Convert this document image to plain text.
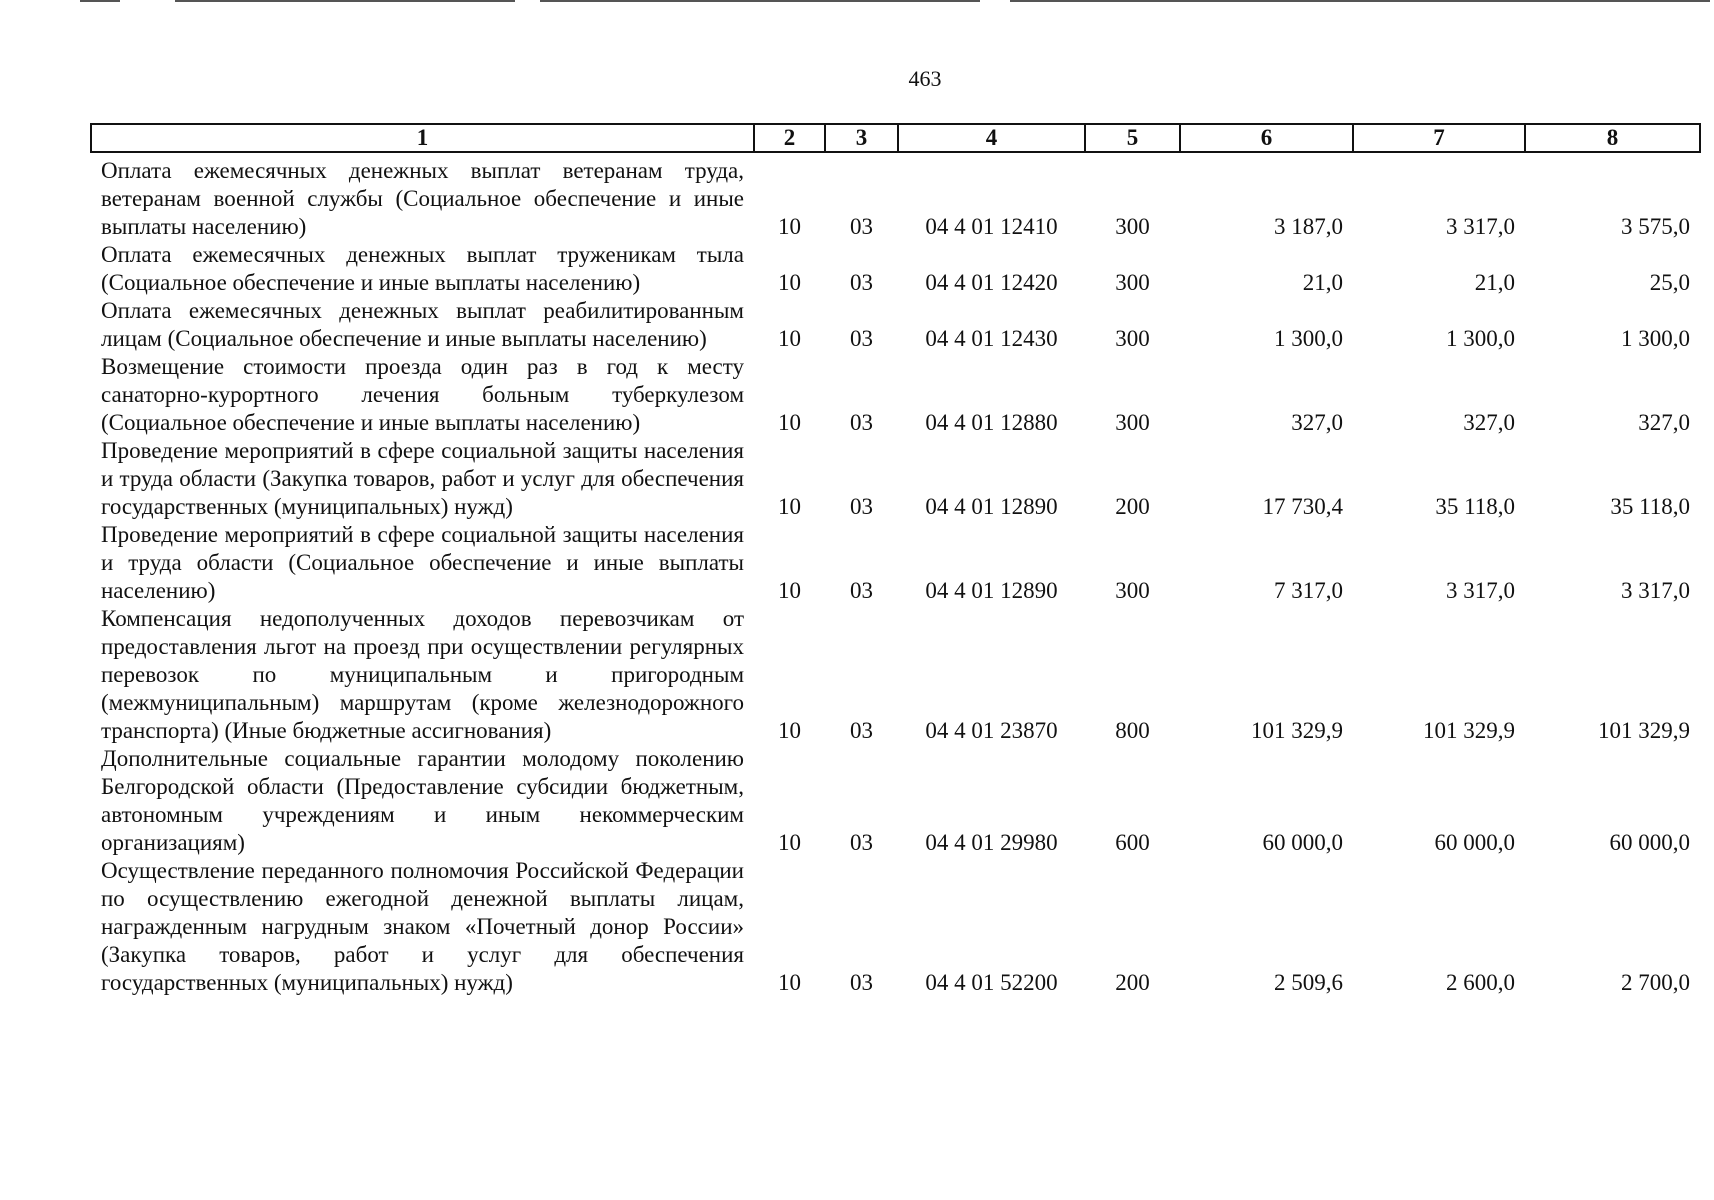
463
1	2	3	4	5	6	7	8
Оплата ежемесячных денежных выплат ветеранам труда, ветеранам военной службы (Социальное обеспечение и иные выплаты населению)	10	03	04 4 01 12410	300	3 187,0	3 317,0	3 575,0
Оплата ежемесячных денежных выплат труженикам тыла (Социальное обеспечение и иные выплаты населению)	10	03	04 4 01 12420	300	21,0	21,0	25,0
Оплата ежемесячных денежных выплат реабилитированным лицам (Социальное обеспечение и иные выплаты населению)	10	03	04 4 01 12430	300	1 300,0	1 300,0	1 300,0
Возмещение стоимости проезда один раз в год к месту санаторно-курортного лечения больным туберкулезом (Социальное обеспечение и иные выплаты населению)	10	03	04 4 01 12880	300	327,0	327,0	327,0
Проведение мероприятий в сфере социальной защиты населения и труда области (Закупка товаров, работ и услуг для обеспечения государственных (муниципальных) нужд)	10	03	04 4 01 12890	200	17 730,4	35 118,0	35 118,0
Проведение мероприятий в сфере социальной защиты населения и труда области (Социальное обеспечение и иные выплаты населению)	10	03	04 4 01 12890	300	7 317,0	3 317,0	3 317,0
Компенсация недополученных доходов перевозчикам от предоставления льгот на проезд при осуществлении регулярных перевозок по муниципальным и пригородным (межмуниципальным) маршрутам (кроме железнодорожного транспорта) (Иные бюджетные ассигнования)	10	03	04 4 01 23870	800	101 329,9	101 329,9	101 329,9
Дополнительные социальные гарантии молодому поколению Белгородской области (Предоставление субсидии бюджетным, автономным учреждениям и иным некоммерческим организациям)	10	03	04 4 01 29980	600	60 000,0	60 000,0	60 000,0
Осуществление переданного полномочия Российской Федерации по осуществлению ежегодной денежной выплаты лицам, награжденным нагрудным знаком «Почетный донор России» (Закупка товаров, работ и услуг для обеспечения государственных (муниципальных) нужд)	10	03	04 4 01 52200	200	2 509,6	2 600,0	2 700,0
